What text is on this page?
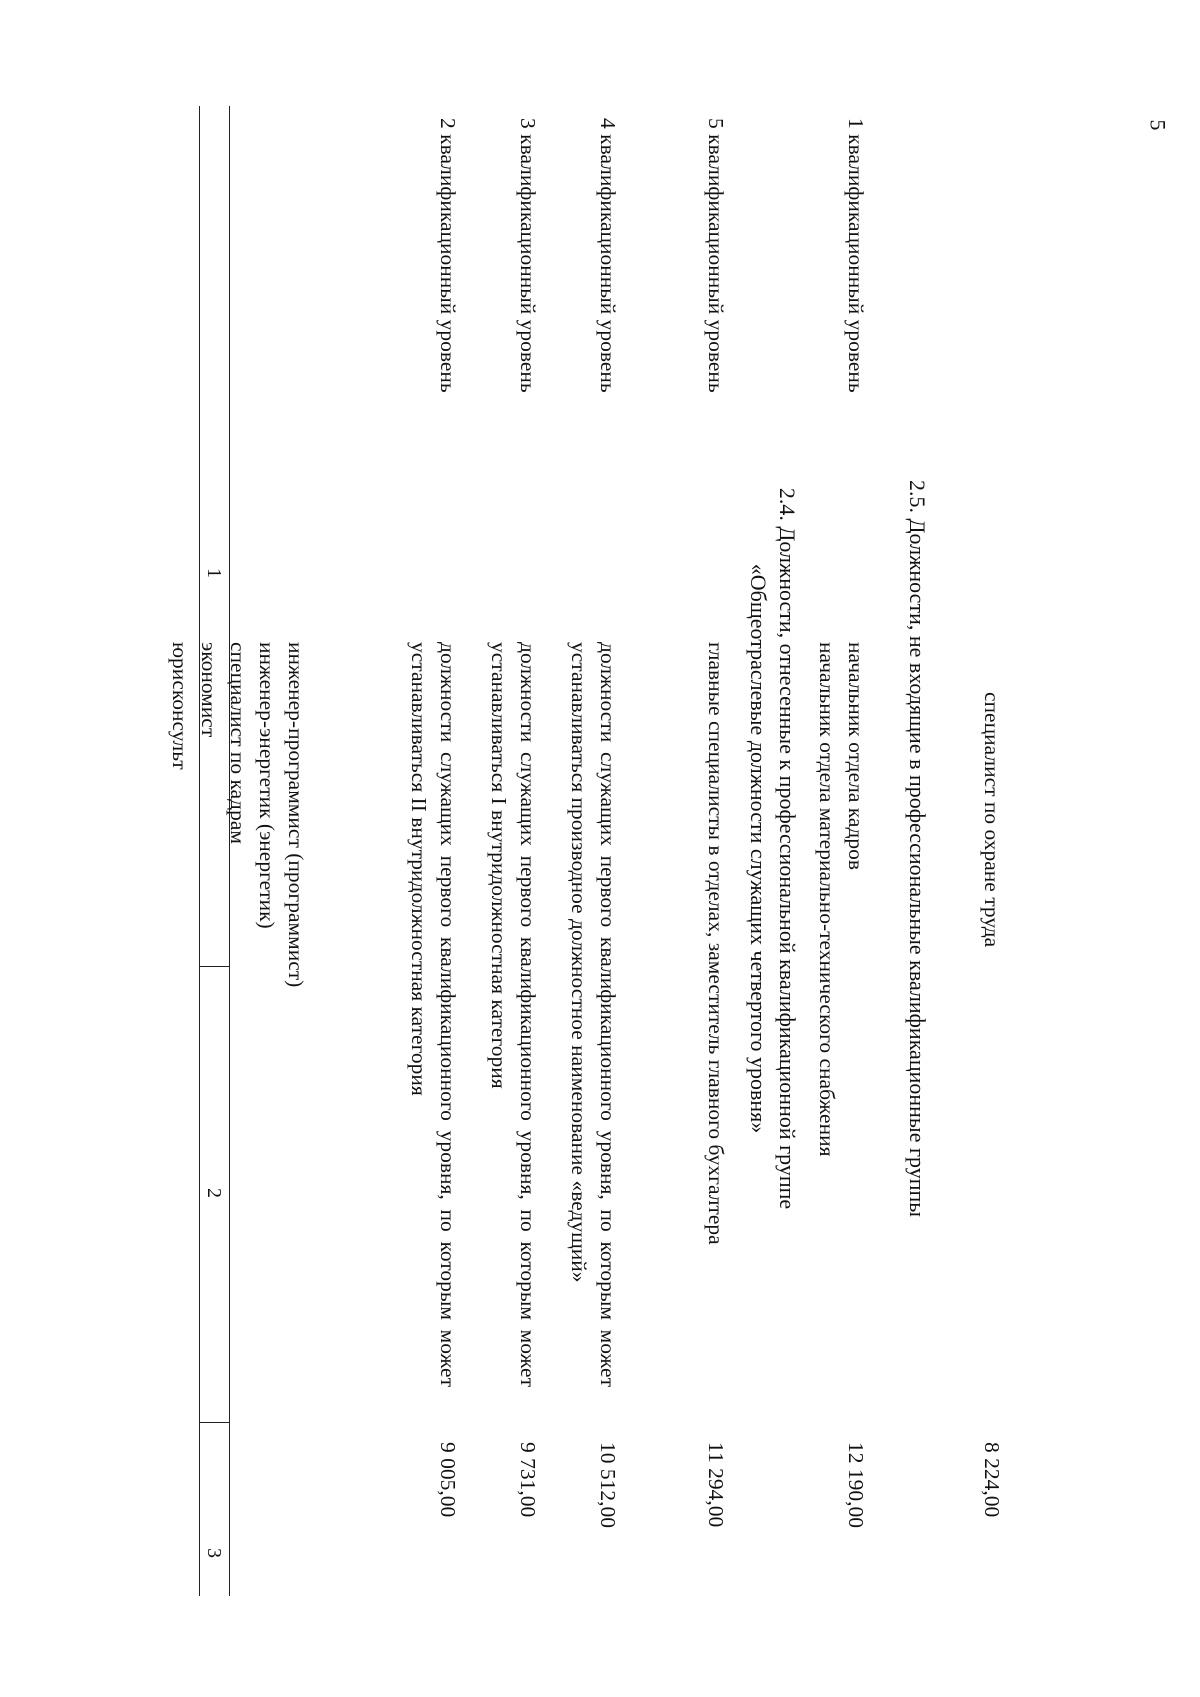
5
1
2
3
инженер-программист (программист)
инженер-энергетик (энергетик)
специалист по кадрам
экономист
юрисконсульт
2 квалификационный уровень
должности служащих первого квалификационного уровня, по которым может устанавливаться II внутридолжностная категория
9 005,00
3 квалификационный уровень
должности служащих первого квалификационного уровня, по которым может устанавливаться I внутридолжностная категория
9 731,00
4 квалификационный уровень
должности служащих первого квалификационного уровня, по которым может устанавливаться производное должностное наименование «ведущий»
10 512,00
5 квалификационный уровень
главные специалисты в отделах, заместитель главного бухгалтера
11 294,00
2.4. Должности, отнесенные к профессиональной квалификационной группе
«Общеотраслевые должности служащих четвертого уровня»
1 квалификационный уровень
начальник отдела кадров
начальник отдела материально-технического снабжения
12 190,00
2.5. Должности, не входящие в профессиональные квалификационные группы специалист по охране труда
8 224,00
